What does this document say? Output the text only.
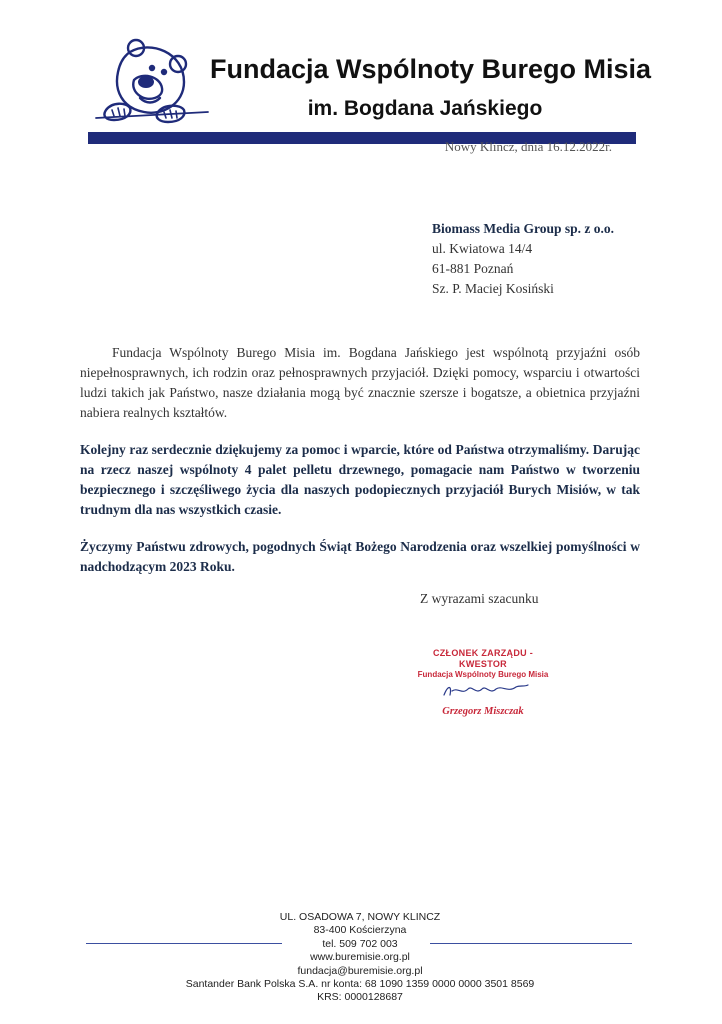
Fundacja Wspólnoty Burego Misia
im. Bogdana Jańskiego
Nowy Klincz, dnia 16.12.2022r.
Biomass Media Group sp. z o.o.
ul. Kwiatowa 14/4
61-881 Poznań
Sz. P. Maciej Kosiński

Fundacja Wspólnoty Burego Misia im. Bogdana Jańskiego jest wspólnotą przyjaźni osób niepełnosprawnych, ich rodzin oraz pełnosprawnych przyjaciół. Dzięki pomocy, wsparciu i otwartości ludzi takich jak Państwo, nasze działania mogą być znacznie szersze i bogatsze, a obietnica przyjaźni nabiera realnych kształtów.

Kolejny raz serdecznie dziękujemy za pomoc i wparcie, które od Państwa otrzymaliśmy. Darując na rzecz naszej wspólnoty 4 palet pelletu drzewnego, pomagacie nam Państwo w tworzeniu bezpiecznego i szczęśliwego życia dla naszych podopiecznych przyjaciół Burych Misiów, w tak trudnym dla nas wszystkich czasie.

Życzymy Państwu zdrowych, pogodnych Świąt Bożego Narodzenia oraz wszelkiej pomyślności w nadchodzącym 2023 Roku.

Z wyrazami szacunku
CZŁONEK ZARZĄDU - KWESTOR
Fundacja Wspólnoty Burego Misia
Grzegorz Miszczak
UL. OSADOWA 7, NOWY KLINCZ
83-400 Kościerzyna
tel. 509 702 003
www.buremisie.org.pl
fundacja@buremisie.org.pl
Santander Bank Polska S.A. nr konta: 68 1090 1359 0000 0000 3501 8569
KRS: 0000128687
